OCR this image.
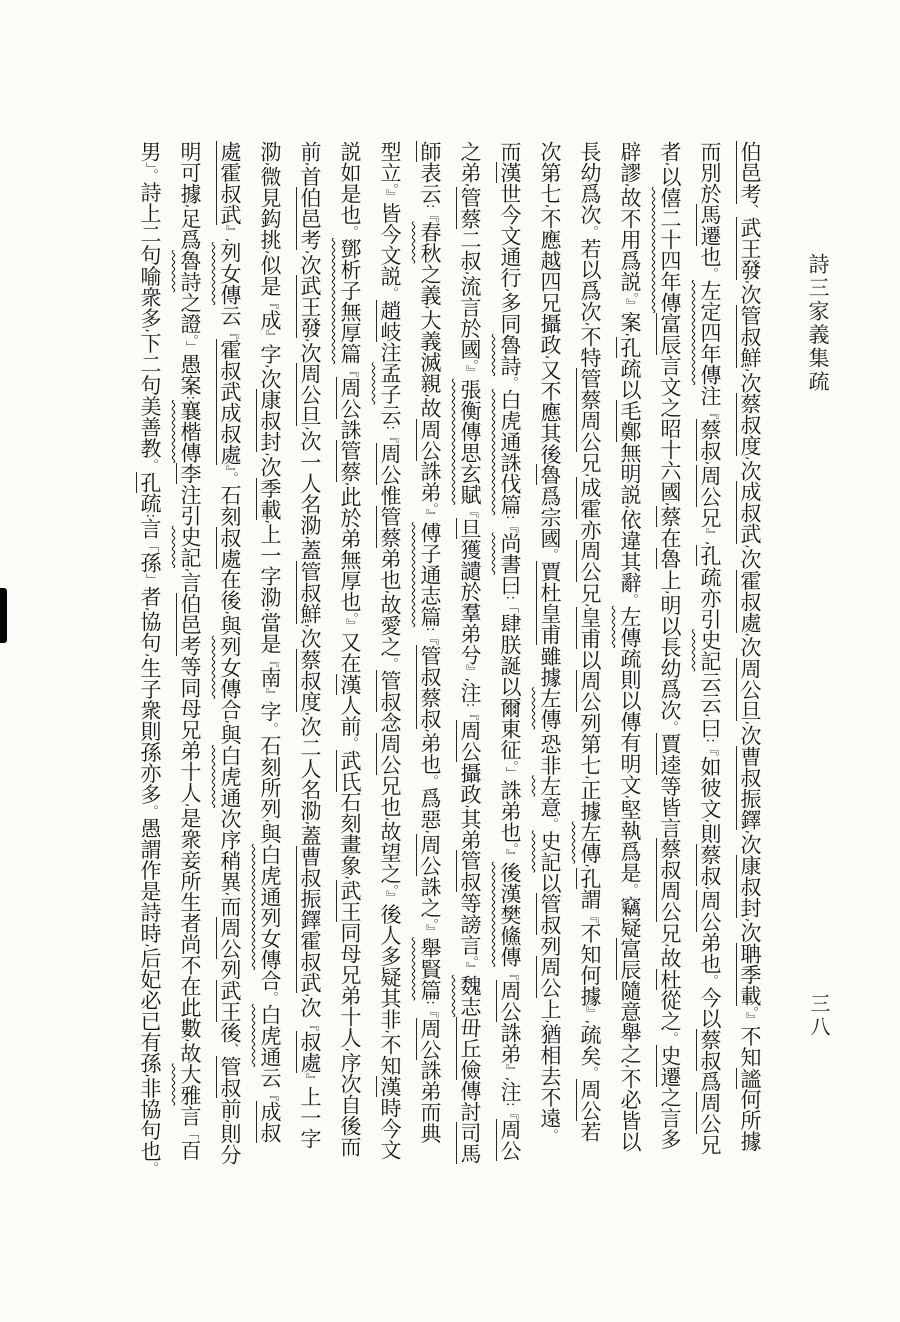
詩三家義集疏
伯邑考、武王發,次管叔鮮,次蔡叔度,次成叔武,次霍叔處,次周公旦,次曹叔振鐸,次康叔封,次聃季載。』不知謐何所據
而別於馬遷也。左定四年傳注『蔡叔,周公兄』,孔疏亦引史記云云,曰:『如彼文,則蔡叔,周公弟也。今以蔡叔爲周公兄
者,以僖二十四年傳富辰言文之昭十六國,蔡在魯上,明以長幼爲次。賈逵等皆言蔡叔周公兄,故杜從之。史遷之言多
辟謬,故不用爲説。』案,孔疏以毛鄭無明説,依違其辭。左傳疏則以傳有明文,堅執爲是。竊疑富辰隨意舉之,不必皆以
長幼爲次。若以爲次,不特管蔡周公兄,成霍亦周公兄,皇甫以周公列第七,正據左傳,孔謂『不知何據』,疏矣。周公若
次第七,不應越四兄攝政,又不應其後魯爲宗國。賈杜皇甫雖據左傳,恐非左意。史記以管叔列周公上,猶相去不遠。
而漢世今文通行,多同魯詩。白虎通誅伐篇:『尚書曰:「肆朕誕以爾東征。」誅弟也。』後漢樊鯈傳『周公誅弟』,注:『周公
之弟,管蔡二叔,流言於國。』張衡傳思玄賦『旦獲讉於羣弟兮』,注:『周公攝政,其弟管叔等謗言。』魏志毌丘儉傳討司馬
師表云:『春秋之義,大義滅親,故周公誅弟。』傅子通志篇:『管叔蔡叔,弟也。爲惡,周公誅之。』舉賢篇:『周公誅弟而典
型立。』皆今文説。趙岐注孟子云:『周公惟管蔡弟也,故愛之。管叔念周公兄也,故望之。』後人多疑其非,不知漢時今文
説如是也。鄧析子無厚篇『周公誅管蔡,此於弟無厚也。』又在漢人前。武氏石刻畫象,武王同母兄弟十人,序次自後而
前,首伯邑考,次武王發,次周公旦,次一人名泐,蓋管叔鮮,次蔡叔度,次二人名泐,蓋曹叔振鐸霍叔武,次『叔處』上一字
泐,微見鈎挑,似是『成』字,次康叔封,次季載,上一字泐,當是『南』字。石刻所列,與白虎通列女傳合。白虎通云『成叔
處霍叔武』,列女傳云『霍叔武成叔處』。石刻叔處在後,與列女傳合,與白虎通次序稍異,而周公列武王後、管叔前,則分
明可據,足爲魯詩之證。」愚案:襄楷傳李注引史記,言伯邑考等同母兄弟十人,是衆妾所生者尚不在此數,故大雅言「百
男」。詩上二句喻衆多,下二句美善教。孔疏:言「孫」者,協句,生子衆則孫亦多。愚謂作是詩時,后妃必已有孫,非協句也。
三八
